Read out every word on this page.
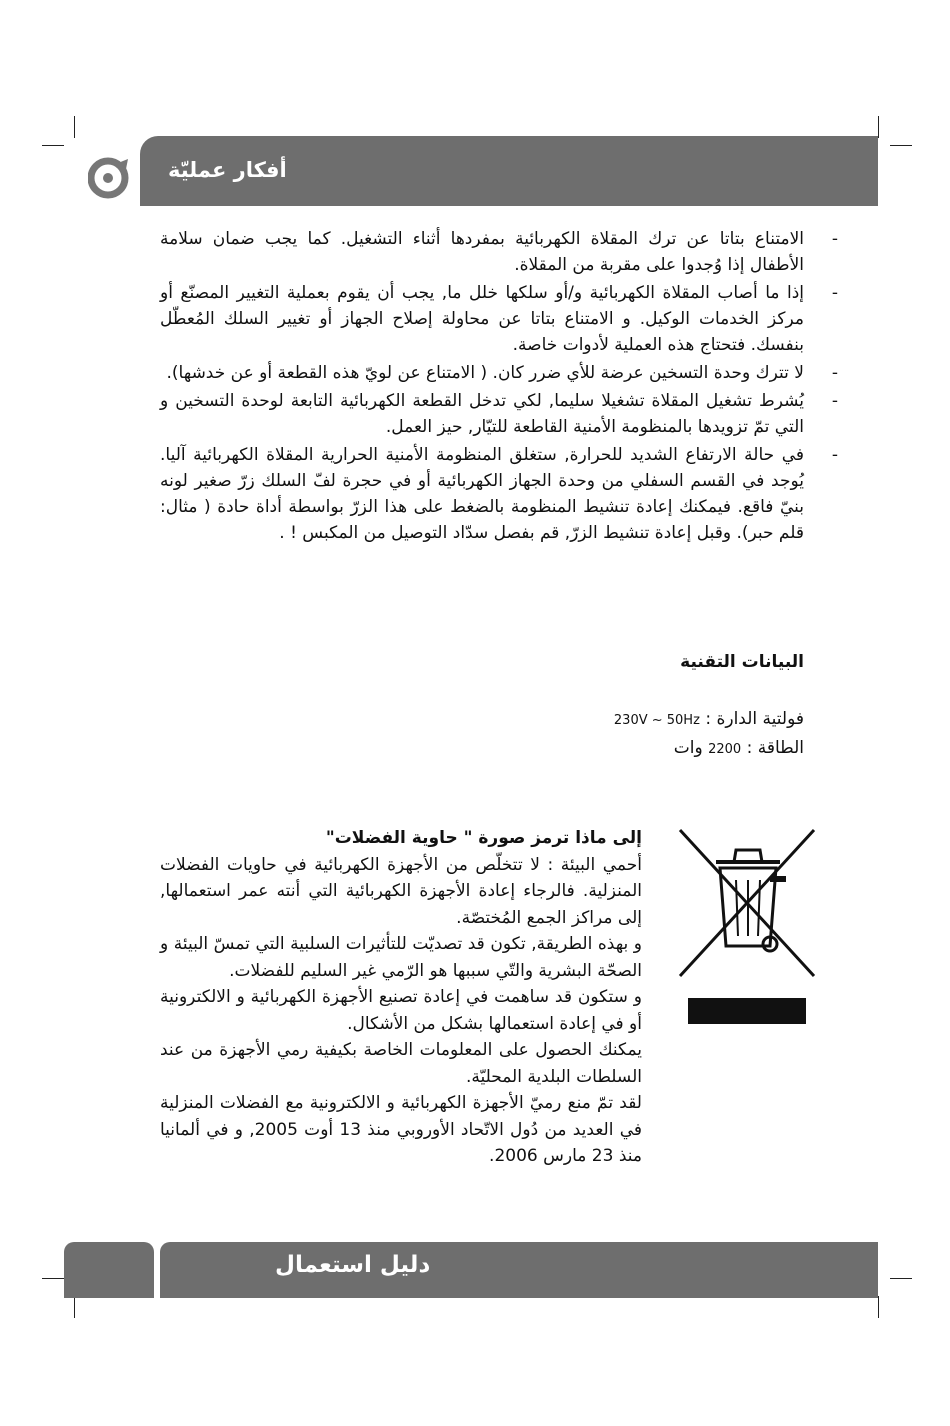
أفكار عمليّة
-
الامتناع بتاتا عن ترك المقلاة الكهربائية بمفردها أثناء التشغيل. كما يجب ضمان سلامة الأطفال إذا وُجدوا على مقربة من المقلاة.
-
إذا ما أصاب المقلاة الكهربائية و/أو سلكها خلل ما, يجب أن يقوم بعملية التغيير المصنّع أو مركز الخدمات الوكيل. و الامتناع بتاتا عن محاولة إصلاح الجهاز أو تغيير السلك المُعطّل بنفسك. فتحتاج هذه العملية لأدوات خاصة.
-
لا تترك وحدة التسخين عرضة للأي ضرر كان. ( الامتناع عن لويّ هذه القطعة أو عن خدشها).
-
يُشرط تشغيل المقلاة تشغيلا سليما, لكي تدخل القطعة الكهربائية التابعة لوحدة التسخين و التي تمّ تزويدها بالمنظومة الأمنية القاطعة للتيّار, حيز العمل.
-
في حالة الارتفاع الشديد للحرارة, ستغلق المنظومة الأمنية الحرارية المقلاة الكهربائية آليا. يُوجد في القسم السفلي من وحدة الجهاز الكهربائية أو في حجرة لفّ السلك زرّ صغير لونه بنيّ فاقع. فيمكنك إعادة تنشيط المنظومة بالضغط على هذا الزرّ بواسطة أداة حادة ( مثال: قلم حبر). وقبل إعادة تنشيط الزرّ, قم بفصل سدّاد التوصيل من المكبس ! .
البيانات التقنية
فولتية الدارة : 230V ~ 50Hz
الطاقة : 2200 وات

إلى ماذا ترمز صورة " حاوية الفضلات"

أحمي البيئة : لا تتخلّص من الأجهزة الكهربائية في حاويات الفضلات المنزلية. فالرجاء إعادة الأجهزة الكهربائية التي أنته عمر استعمالها, إلى مراكز الجمع المُختصّة.

و بهذه الطريقة, تكون قد تصديّت للتأثيرات السلبية التي تمسّ البيئة و الصحّة البشرية والتّي سببها هو الرّمي غير السليم للفضلات.

و ستكون قد ساهمت في إعادة تصنيع الأجهزة الكهربائية و الالكترونية أو في إعادة استعمالها بشكل من الأشكال.

يمكنك الحصول على المعلومات الخاصة بكيفية رمي الأجهزة من عند السلطات البلدية المحليّة.

لقد تمّ منع رميّ الأجهزة الكهربائية و الالكترونية مع الفضلات المنزلية في العديد من دُول الاتّحاد الأوروبي منذ 13 أوت 2005, و في ألمانيا منذ 23 مارس 2006.

دليل استعمال
